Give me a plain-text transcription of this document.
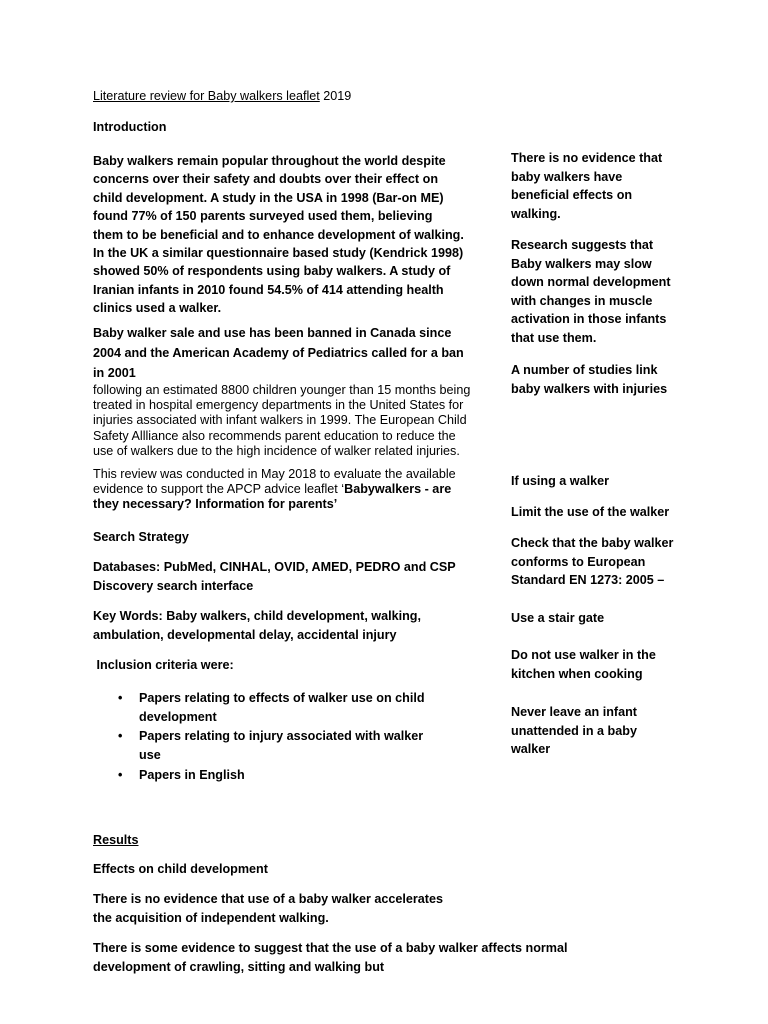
Literature review for Baby walkers leaflet 2019

Introduction

Baby walkers remain popular throughout the world despite concerns over their safety and doubts over their effect on child development. A study in the USA in 1998 (Bar-on ME) found 77% of 150 parents surveyed used them, believing them to be beneficial and to enhance development of walking. In the UK a similar questionnaire based study (Kendrick 1998) showed 50% of respondents using baby walkers. A study of Iranian infants in 2010 found 54.5% of 414 attending health clinics used a walker.

Baby walker sale and use has been banned in Canada since 2004 and the American Academy of Pediatrics called for a ban in 2001

following an estimated 8800 children younger than 15 months being treated in hospital emergency departments in the United States for injuries associated with infant walkers in 1999. The European Child Safety Allliance also recommends parent education to reduce the use of walkers due to the high incidence of walker related injuries.

This review was conducted in May 2018 to evaluate the available evidence to support the APCP advice leaflet ‘Babywalkers - are they necessary? Information for parents’

Search Strategy

Databases: PubMed, CINHAL, OVID, AMED, PEDRO and CSP Discovery search interface

Key Words: Baby walkers, child development, walking, ambulation, developmental delay, accidental injury

Inclusion criteria were:

• Papers relating to effects of walker use on child development
• Papers relating to injury associated with walker use
• Papers in English

Results

Effects on child development

There is no evidence that use of a baby walker accelerates the acquisition of independent walking.

There is some evidence to suggest that the use of a baby walker affects normal development of crawling, sitting and walking but

There is no evidence that baby walkers have beneficial effects on walking.
Research suggests that Baby walkers may slow down normal development with changes in muscle activation in those infants that use them.
A number of studies link baby walkers with injuries
If using a walker
Limit the use of the walker
Check that the baby walker conforms to European Standard EN 1273: 2005 –
Use a stair gate
Do not use walker in the kitchen when cooking
Never leave an infant unattended in a baby walker
